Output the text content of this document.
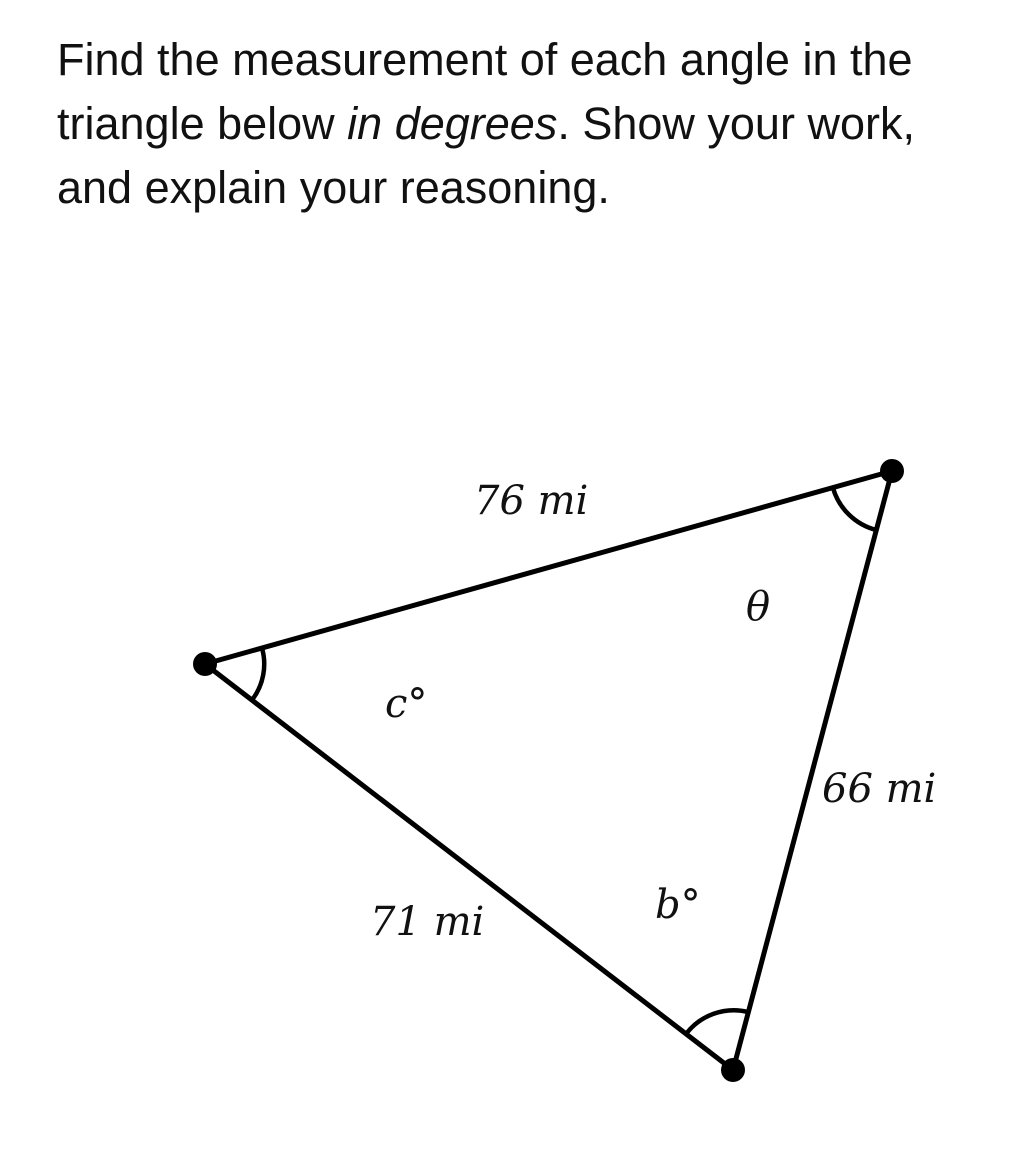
Find the measurement of each angle in the triangle below in degrees. Show your work, and explain your reasoning.

76 mi
66 mi
71 mi
c°
θ
b°
